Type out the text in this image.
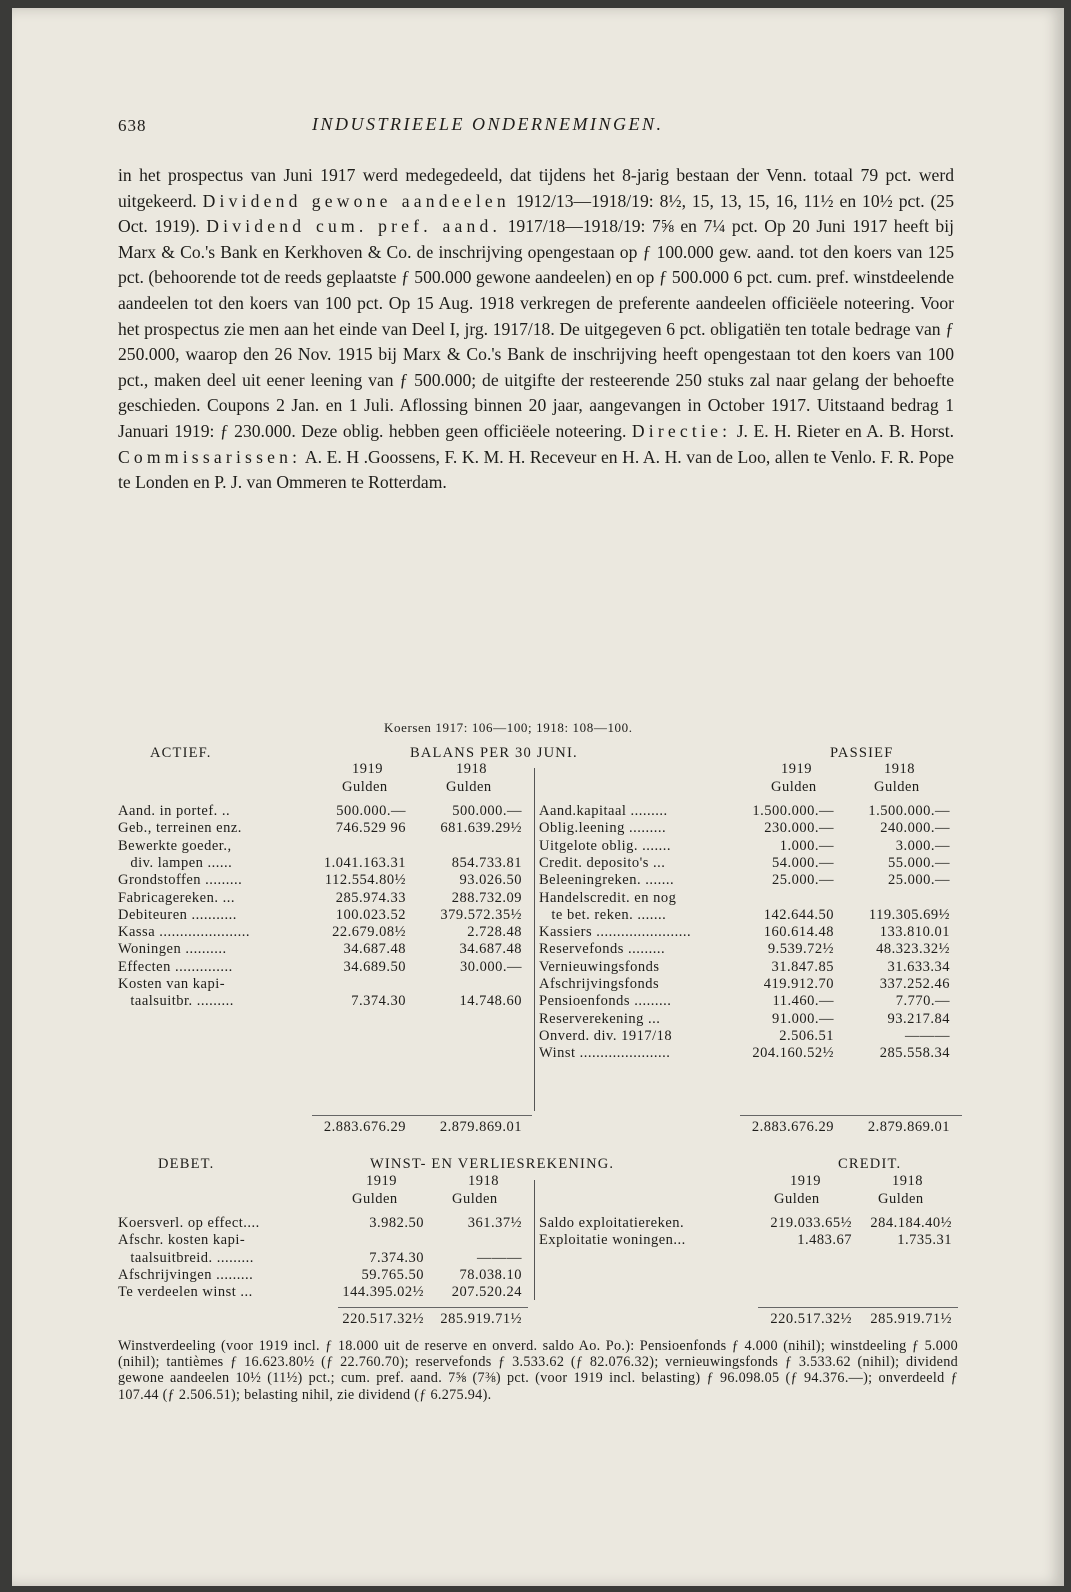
638	INDUSTRIEELE ONDERNEMINGEN.
in het prospectus van Juni 1917 werd medegedeeld, dat tijdens het 8-jarig bestaan der Venn. totaal 79 pct. werd uitgekeerd. Dividend gewone aandeelen 1912/13—1918/19: 8½, 15, 13, 15, 16, 11½ en 10½ pct. (25 Oct. 1919). Dividend cum. pref. aand. 1917/18—1918/19: 7⅝ en 7¼ pct. Op 20 Juni 1917 heeft bij Marx & Co.'s Bank en Kerkhoven & Co. de inschrijving opengestaan op ƒ 100.000 gew. aand. tot den koers van 125 pct. (behoorende tot de reeds geplaatste ƒ 500.000 gewone aandeelen) en op ƒ 500.000 6 pct. cum. pref. winstdeelende aandeelen tot den koers van 100 pct. Op 15 Aug. 1918 verkregen de preferente aandeelen officiëele noteering. Voor het prospectus zie men aan het einde van Deel I, jrg. 1917/18. De uitgegeven 6 pct. obligatiën ten totale bedrage van ƒ 250.000, waarop den 26 Nov. 1915 bij Marx & Co.'s Bank de inschrijving heeft opengestaan tot den koers van 100 pct., maken deel uit eener leening van ƒ 500.000; de uitgifte der resteerende 250 stuks zal naar gelang der behoefte geschieden. Coupons 2 Jan. en 1 Juli. Aflossing binnen 20 jaar, aangevangen in October 1917. Uitstaand bedrag 1 Januari 1919: ƒ 230.000. Deze oblig. hebben geen officiëele noteering. Directie: J. E. H. Rieter en A. B. Horst. Commissarissen: A. E. H .Goossens, F. K. M. H. Receveur en H. A. H. van de Loo, allen te Venlo. F. R. Pope te Londen en P. J. van Ommeren te Rotterdam.
Koersen 1917: 106—100; 1918: 108—100.
ACTIEF.	BALANS PER 30 JUNI.	PASSIEF
1919	1918
Gulden	Gulden
1919	1918
Gulden	Gulden
Aand. in portef. ..	500.000.—	500.000.—
Geb., terreinen enz.	746.529 96	681.639.29½
Bewerkte goeder.,
div. lampen ......	1.041.163.31	854.733.81
Grondstoffen .........	112.554.80½	93.026.50
Fabricagereken. ...	285.974.33	288.732.09
Debiteuren ...........	100.023.52	379.572.35½
Kassa ......................	22.679.08½	2.728.48
Woningen ..........	34.687.48	34.687.48
Effecten ..............	34.689.50	30.000.—
Kosten van kapi-
taalsuitbr. .........	7.374.30	14.748.60
Aand.kapitaal .........	1.500.000.—	1.500.000.—
Oblig.leening .........	230.000.—	240.000.—
Uitgelote oblig. .......	1.000.—	3.000.—
Credit. deposito's ...	54.000.—	55.000.—
Beleeningreken. .......	25.000.—	25.000.—
Handelscredit. en nog
te bet. reken. .......	142.644.50	119.305.69½
Kassiers .......................	160.614.48	133.810.01
Reservefonds .........	9.539.72½	48.323.32½
Vernieuwingsfonds	31.847.85	31.633.34
Afschrijvingsfonds	419.912.70	337.252.46
Pensioenfonds .........	11.460.—	7.770.—
Reserverekening ...	91.000.—	93.217.84
Onverd. div. 1917/18	2.506.51	———
Winst ......................	204.160.52½	285.558.34
2.883.676.29	2.879.869.01	2.883.676.29	2.879.869.01
DEBET.	WINST- EN VERLIESREKENING.	CREDIT.
1919	1918
Gulden	Gulden
1919	1918
Gulden	Gulden
Koersverl. op effect....	3.982.50	361.37½
Afschr. kosten kapi-
taalsuitbreid. .........	7.374.30	———
Afschrijvingen .........	59.765.50	78.038.10
Te verdeelen winst ...	144.395.02½	207.520.24
Saldo exploitatiereken.	219.033.65½	284.184.40½
Exploitatie woningen...	1.483.67	1.735.31
220.517.32½	285.919.71½	220.517.32½	285.919.71½
Winstverdeeling (voor 1919 incl. ƒ 18.000 uit de reserve en onverd. saldo Ao. Po.): Pensioenfonds ƒ 4.000 (nihil); winstdeeling ƒ 5.000 (nihil); tantièmes ƒ 16.623.80½ (ƒ 22.760.70); reservefonds ƒ 3.533.62 (ƒ 82.076.32); vernieuwingsfonds ƒ 3.533.62 (nihil); dividend gewone aandeelen 10½ (11½) pct.; cum. pref. aand. 7⅝ (7⅜) pct. (voor 1919 incl. belasting) ƒ 96.098.05 (ƒ 94.376.—); onverdeeld ƒ 107.44 (ƒ 2.506.51); belasting nihil, zie dividend (ƒ 6.275.94).
